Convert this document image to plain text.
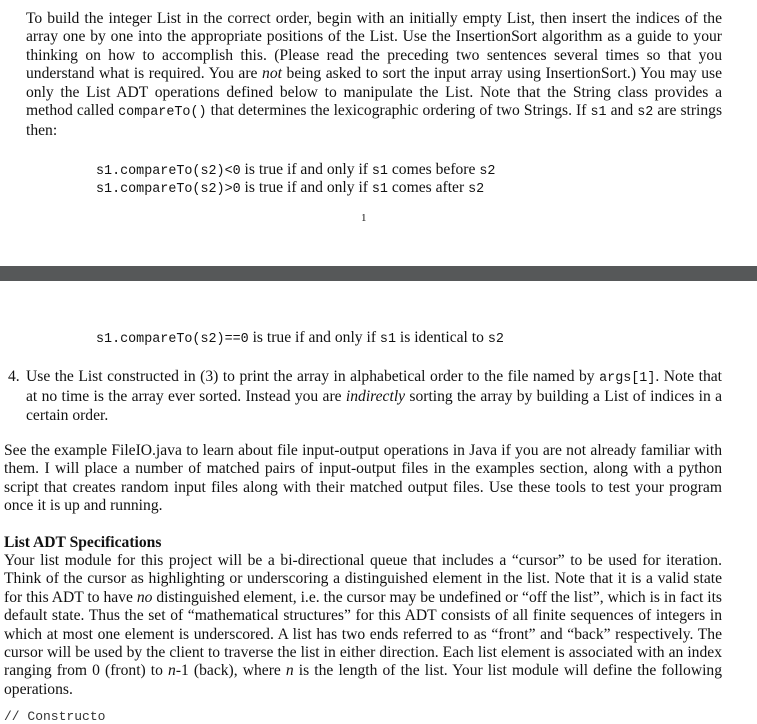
To build the integer List in the correct order, begin with an initially empty List, then insert the indices of the array one by one into the appropriate positions of the List. Use the InsertionSort algorithm as a guide to your thinking on how to accomplish this. (Please read the preceding two sentences several times so that you understand what is required. You are not being asked to sort the input array using InsertionSort.) You may use only the List ADT operations defined below to manipulate the List. Note that the String class provides a method called compareTo() that determines the lexicographic ordering of two Strings. If s1 and s2 are strings then:

s1.compareTo(s2)<0 is true if and only if s1 comes before s2
s1.compareTo(s2)>0 is true if and only if s1 comes after s2
1
s1.compareTo(s2)==0 is true if and only if s1 is identical to s2
4. Use the List constructed in (3) to print the array in alphabetical order to the file named by args[1]. Note that at no time is the array ever sorted. Instead you are indirectly sorting the array by building a List of indices in a certain order.

See the example FileIO.java to learn about file input-output operations in Java if you are not already familiar with them. I will place a number of matched pairs of input-output files in the examples section, along with a python script that creates random input files along with their matched output files. Use these tools to test your program once it is up and running.

List ADT Specifications

Your list module for this project will be a bi-directional queue that includes a “cursor” to be used for iteration. Think of the cursor as highlighting or underscoring a distinguished element in the list. Note that it is a valid state for this ADT to have no distinguished element, i.e. the cursor may be undefined or “off the list”, which is in fact its default state. Thus the set of “mathematical structures” for this ADT consists of all finite sequences of integers in which at most one element is underscored. A list has two ends referred to as “front” and “back” respectively. The cursor will be used by the client to traverse the list in either direction. Each list element is associated with an index ranging from 0 (front) to n-1 (back), where n is the length of the list. Your list module will define the following operations.

// Constructo
